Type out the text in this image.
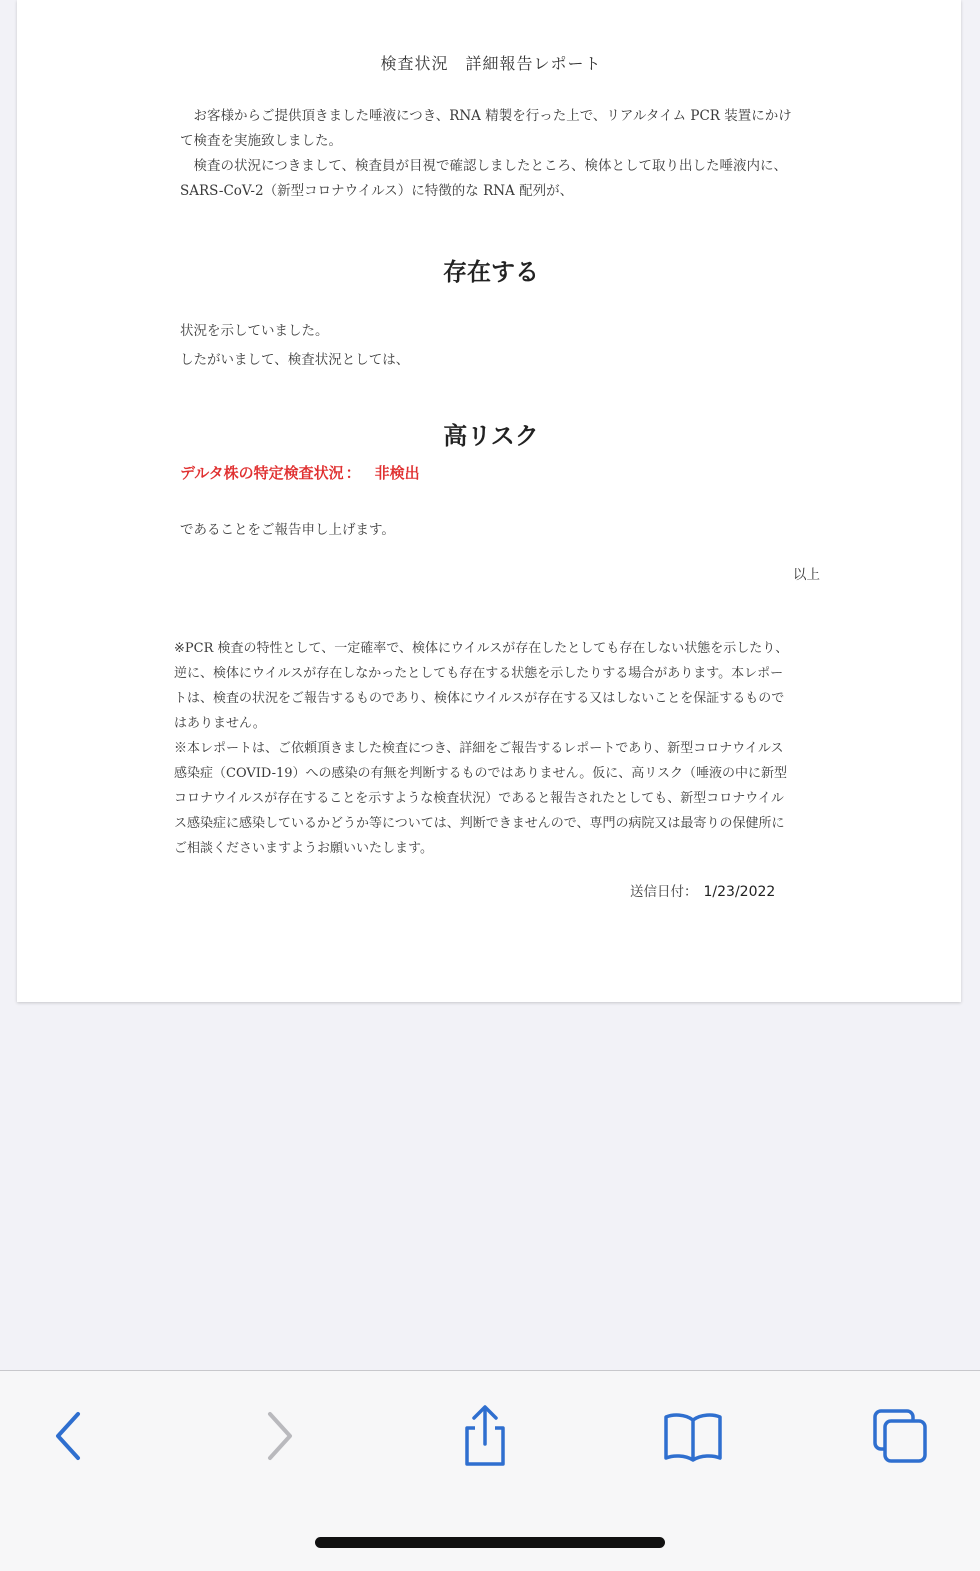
検査状況　詳細報告レポート

お客様からご提供頂きました唾液につき、RNA 精製を行った上で、リアルタイム PCR 装置にかけて検査を実施致しました。

検査の状況につきまして、検査員が目視で確認しましたところ、検体として取り出した唾液内に、SARS-CoV-2（新型コロナウイルス）に特徴的な RNA 配列が、

存在する

状況を示していました。

したがいまして、検査状況としては、

高リスク
デルタ株の特定検査状況 ： 非検出
であることをご報告申し上げます。
以上

※PCR 検査の特性として、一定確率で、検体にウイルスが存在したとしても存在しない状態を示したり、逆に、検体にウイルスが存在しなかったとしても存在する状態を示したりする場合があります。本レポートは、検査の状況をご報告するものであり、検体にウイルスが存在する又はしないことを保証するものではありません。

※本レポートは、ご依頼頂きました検査につき、詳細をご報告するレポートであり、新型コロナウイルス感染症（COVID-19）への感染の有無を判断するものではありません。仮に、高リスク（唾液の中に新型コロナウイルスが存在することを示すような検査状況）であると報告されたとしても、新型コロナウイルス感染症に感染しているかどうか等については、判断できませんので、専門の病院又は最寄りの保健所にご相談くださいますようお願いいたします。

送信日付： 1/23/2022
